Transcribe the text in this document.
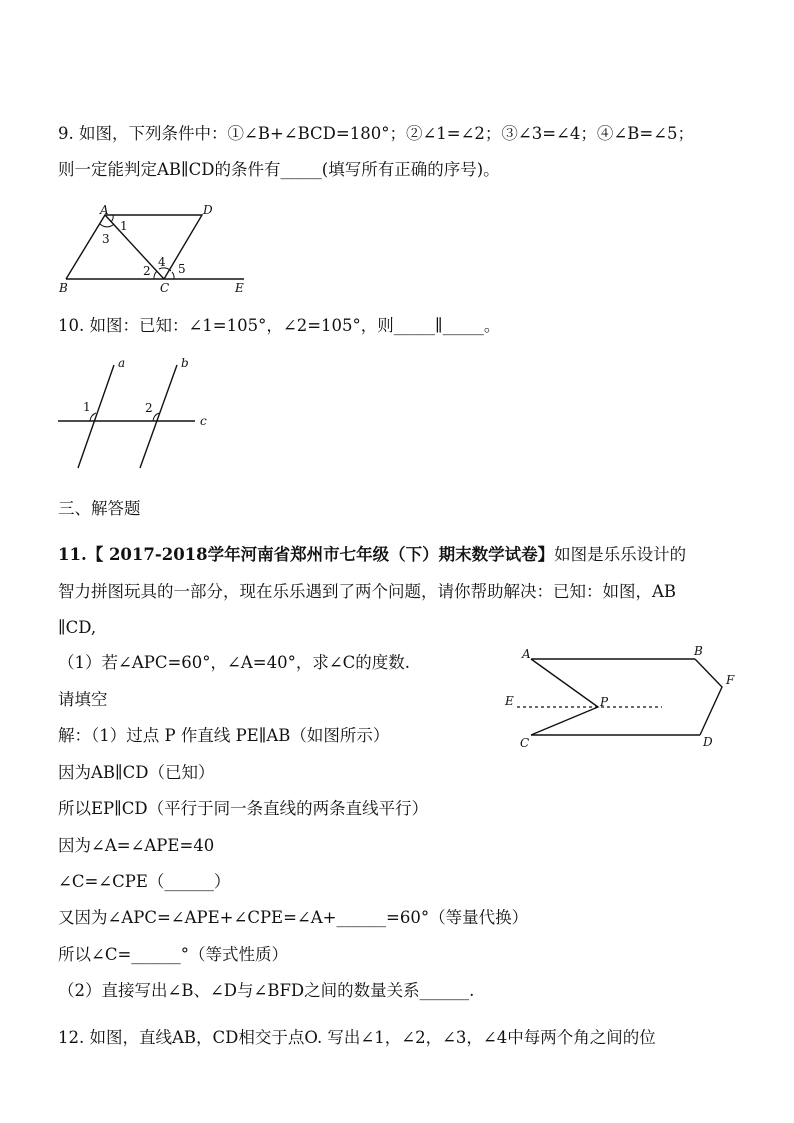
9. 如图，下列条件中：①∠B+∠BCD=180°；②∠1=∠2；③∠3=∠4；④∠B=∠5；
则一定能判定AB∥CD的条件有_____(填写所有正确的序号)。
A	D
B	C	E
1
3
2
4 5
10. 如图：已知：∠1=105°，∠2=105°，则_____∥_____。
a	b
c
1	2
三、解答题
11.【 2017-2018学年河南省郑州市七年级（下）期末数学试卷】如图是乐乐设计的
智力拼图玩具的一部分，现在乐乐遇到了两个问题，请你帮助解决：已知：如图，AB
∥CD,
（1）若∠APC=60°，∠A=40°，求∠C的度数.
请填空
解：（1）过点 P 作直线 PE∥AB（如图所示）
因为AB∥CD（已知）
所以EP∥CD（平行于同一条直线的两条直线平行）
因为∠A=∠APE=40
∠C=∠CPE（______）
又因为∠APC=∠APE+∠CPE=∠A+______=60°（等量代换）
所以∠C=______°（等式性质）
（2）直接写出∠B、∠D与∠BFD之间的数量关系______.
A	B
F
E	P
C	D
12. 如图，直线AB，CD相交于点O. 写出∠1，∠2，∠3，∠4中每两个角之间的位
